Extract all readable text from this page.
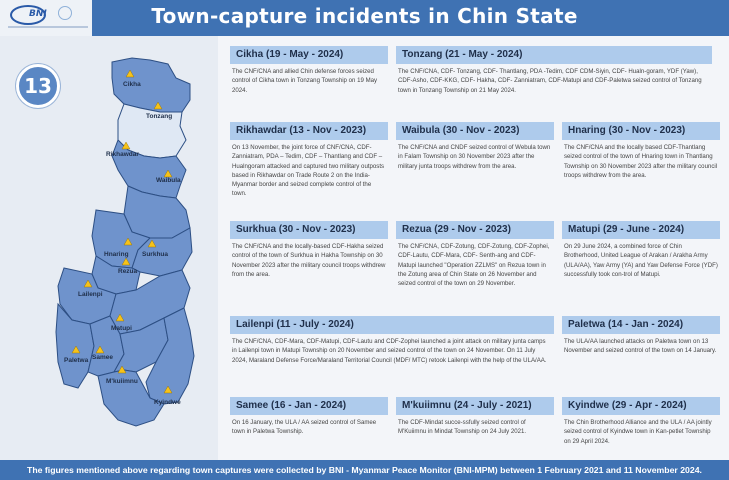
BNI	Town-capture incidents in Chin State
13	Cikha
Tonzang
Rikhawdar
Waibula
Hnaring Surkhua
Rezua
Lailenpi
Matupi
Paletwa Samee
M'kuiimnu
Kyindwe
Cikha (19 - May - 2024)
The CNF/CNA and allied Chin defense forces seized control of Cikha town in Tonzang Township on 19 May 2024.
Tonzang (21 - May - 2024)
The CNF/CNA, CDF- Tonzang, CDF- Thantlang, PDA -Tedim, CDF CDM-Siyin, CDF- Hualn-goram, YDF (Yaw), CDF-Asho, CDF-KKG, CDF- Hakha, CDF- Zanniatram, CDF-Matupi and CDF-Paletwa seized control of Tonzang town in Tonzang Township on 21 May 2024.
Rikhawdar (13 - Nov - 2023)
On 13 November, the joint force of CNF/CNA, CDF-Zanniatram, PDA – Tedim, CDF – Thantlang and CDF – Hualngoram attacked and captured two military outposts based in Rikhawdar on Trade Route 2 on the India-Myanmar border and seized complete control of the town.
Waibula (30 - Nov - 2023)
The CNF/CNA and CNDF seized control of Webula town in Falam Township on 30 November 2023 after the military junta troops withdrew from the area.
Hnaring (30 - Nov - 2023)
The CNF/CNA and the locally based CDF-Thantlang seized control of the town of Hnaring town in Thantlang Township on 30 November 2023 after the military council troops withdrew from the area.
Surkhua (30 - Nov - 2023)
The CNF/CNA and the locally-based CDF-Hakha seized control of the town of Surkhua in Hakha Township on 30 November 2023 after the military council troops withdrew from the area.
Rezua (29 - Nov - 2023)
The CNF/CNA, CDF-Zotung, CDF-Zotung, CDF-Zophei, CDF-Lautu, CDF-Mara, CDF- Senth-ang and CDF-Matupi launched "Operation ZZLMS" on Rezua town in the Zotung area of Chin State on 26 November and seized control of the town on 29 November.
Matupi (29 - June - 2024)
On 29 June 2024, a combined force of Chin Brotherhood, United League of Arakan / Arakha Army (ULA/AA), Yaw Army (YA) and Yaw Defense Force (YDF) successfully took con-trol of Matupi.
Lailenpi (11 - July - 2024)
The CNF/CNA, CDF-Mara, CDF-Matupi, CDF-Lautu and CDF-Zophei launched a joint attack on military junta camps in Lailenpi town in Matupi Township on 20 November and seized control of the town on 24 November. On 11 July 2024, Maraland Defense Force/Maraland Territorial Council (MDF/ MTC) retook Lailenpi with the help of the ULA/AA.
Paletwa (14 - Jan - 2024)
The ULA/AA launched attacks on Paletwa town on 13 November and seized control of the town on 14 January.
Samee (16 - Jan - 2024)
On 16 January, the ULA / AA seized control of Samee town in Paletwa Township.
M'kuiimnu (24 - July - 2021)
The CDF-Mindat succe-ssfully seized control of M'Kuiimnu in Mindat Township on 24 July 2021.
Kyindwe (29 - Apr - 2024)
The Chin Brotherhood Alliance and the ULA / AA jointly seized control of Kyindwe town in Kan-petlet Township on 29 April 2024.
The figures mentioned above regarding town captures were collected by BNI - Myanmar Peace Monitor (BNI-MPM) between 1 February 2021 and 11 November 2024.
